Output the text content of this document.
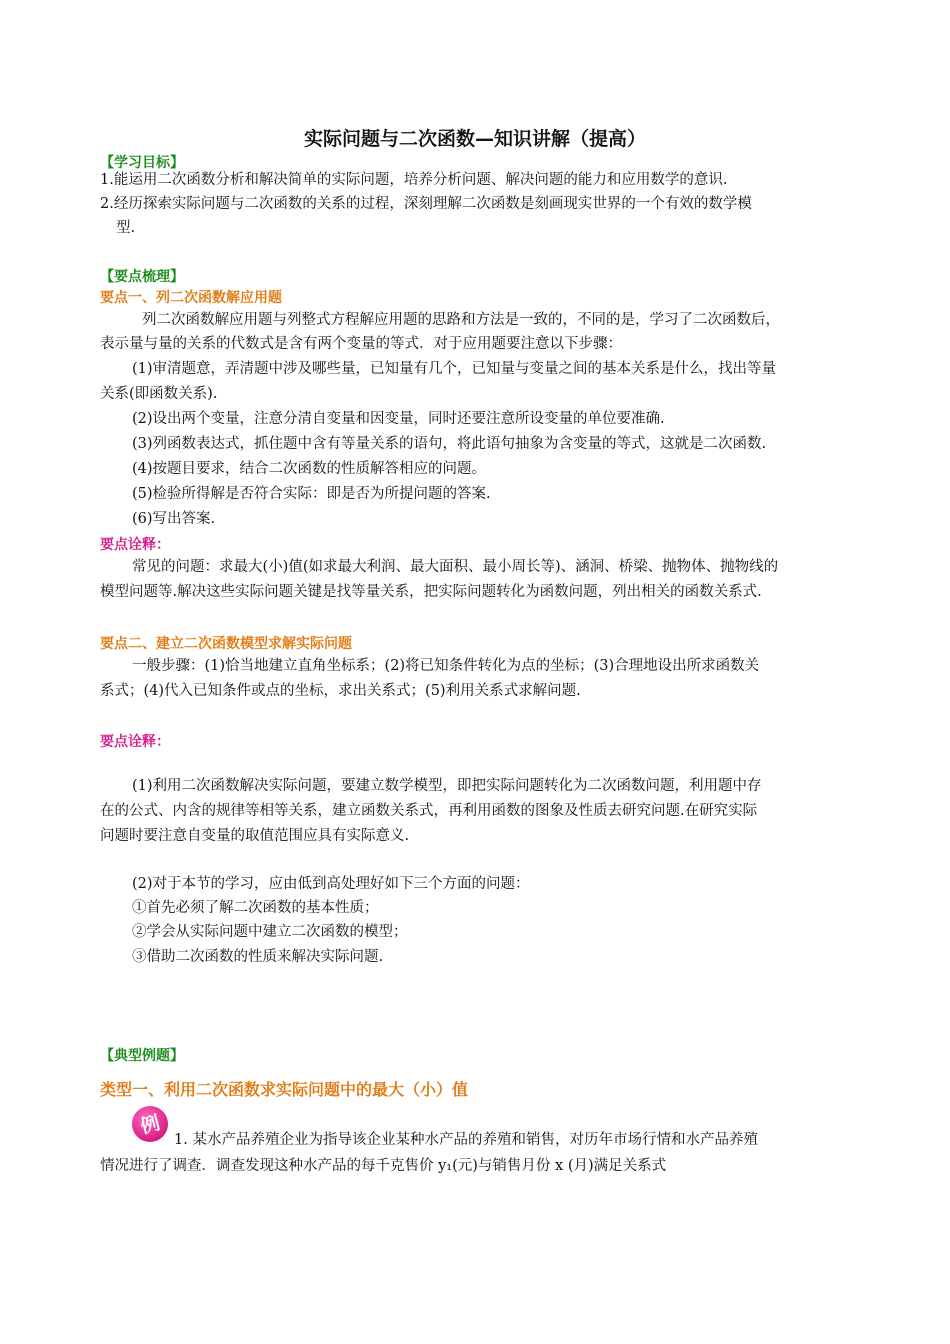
实际问题与二次函数—知识讲解（提高）
【学习目标】
1.能运用二次函数分析和解决简单的实际问题，培养分析问题、解决问题的能力和应用数学的意识.
2.经历探索实际问题与二次函数的关系的过程，深刻理解二次函数是刻画现实世界的一个有效的数学模
型.
【要点梳理】
要点一、列二次函数解应用题
列二次函数解应用题与列整式方程解应用题的思路和方法是一致的，不同的是，学习了二次函数后，
表示量与量的关系的代数式是含有两个变量的等式．对于应用题要注意以下步骤：
(1)审清题意，弄清题中涉及哪些量，已知量有几个，已知量与变量之间的基本关系是什么，找出等量
关系(即函数关系).
(2)设出两个变量，注意分清自变量和因变量，同时还要注意所设变量的单位要准确.
(3)列函数表达式，抓住题中含有等量关系的语句，将此语句抽象为含变量的等式，这就是二次函数.
(4)按题目要求，结合二次函数的性质解答相应的问题。
(5)检验所得解是否符合实际：即是否为所提问题的答案.
(6)写出答案.
要点诠释：
常见的问题：求最大(小)值(如求最大利润、最大面积、最小周长等)、涵洞、桥梁、抛物体、抛物线的
模型问题等.解决这些实际问题关键是找等量关系，把实际问题转化为函数问题，列出相关的函数关系式.
要点二、建立二次函数模型求解实际问题
一般步骤：(1)恰当地建立直角坐标系；(2)将已知条件转化为点的坐标；(3)合理地设出所求函数关
系式；(4)代入已知条件或点的坐标，求出关系式；(5)利用关系式求解问题.
要点诠释：
(1)利用二次函数解决实际问题，要建立数学模型，即把实际问题转化为二次函数问题，利用题中存
在的公式、内含的规律等相等关系，建立函数关系式，再利用函数的图象及性质去研究问题.在研究实际
问题时要注意自变量的取值范围应具有实际意义.
(2)对于本节的学习，应由低到高处理好如下三个方面的问题：
①首先必须了解二次函数的基本性质；
②学会从实际问题中建立二次函数的模型；
③借助二次函数的性质来解决实际问题.
【典型例题】
类型一、利用二次函数求实际问题中的最大（小）值
例
1. 某水产品养殖企业为指导该企业某种水产品的养殖和销售，对历年市场行情和水产品养殖
情况进行了调查．调查发现这种水产品的每千克售价 y₁(元)与销售月份 x (月)满足关系式
